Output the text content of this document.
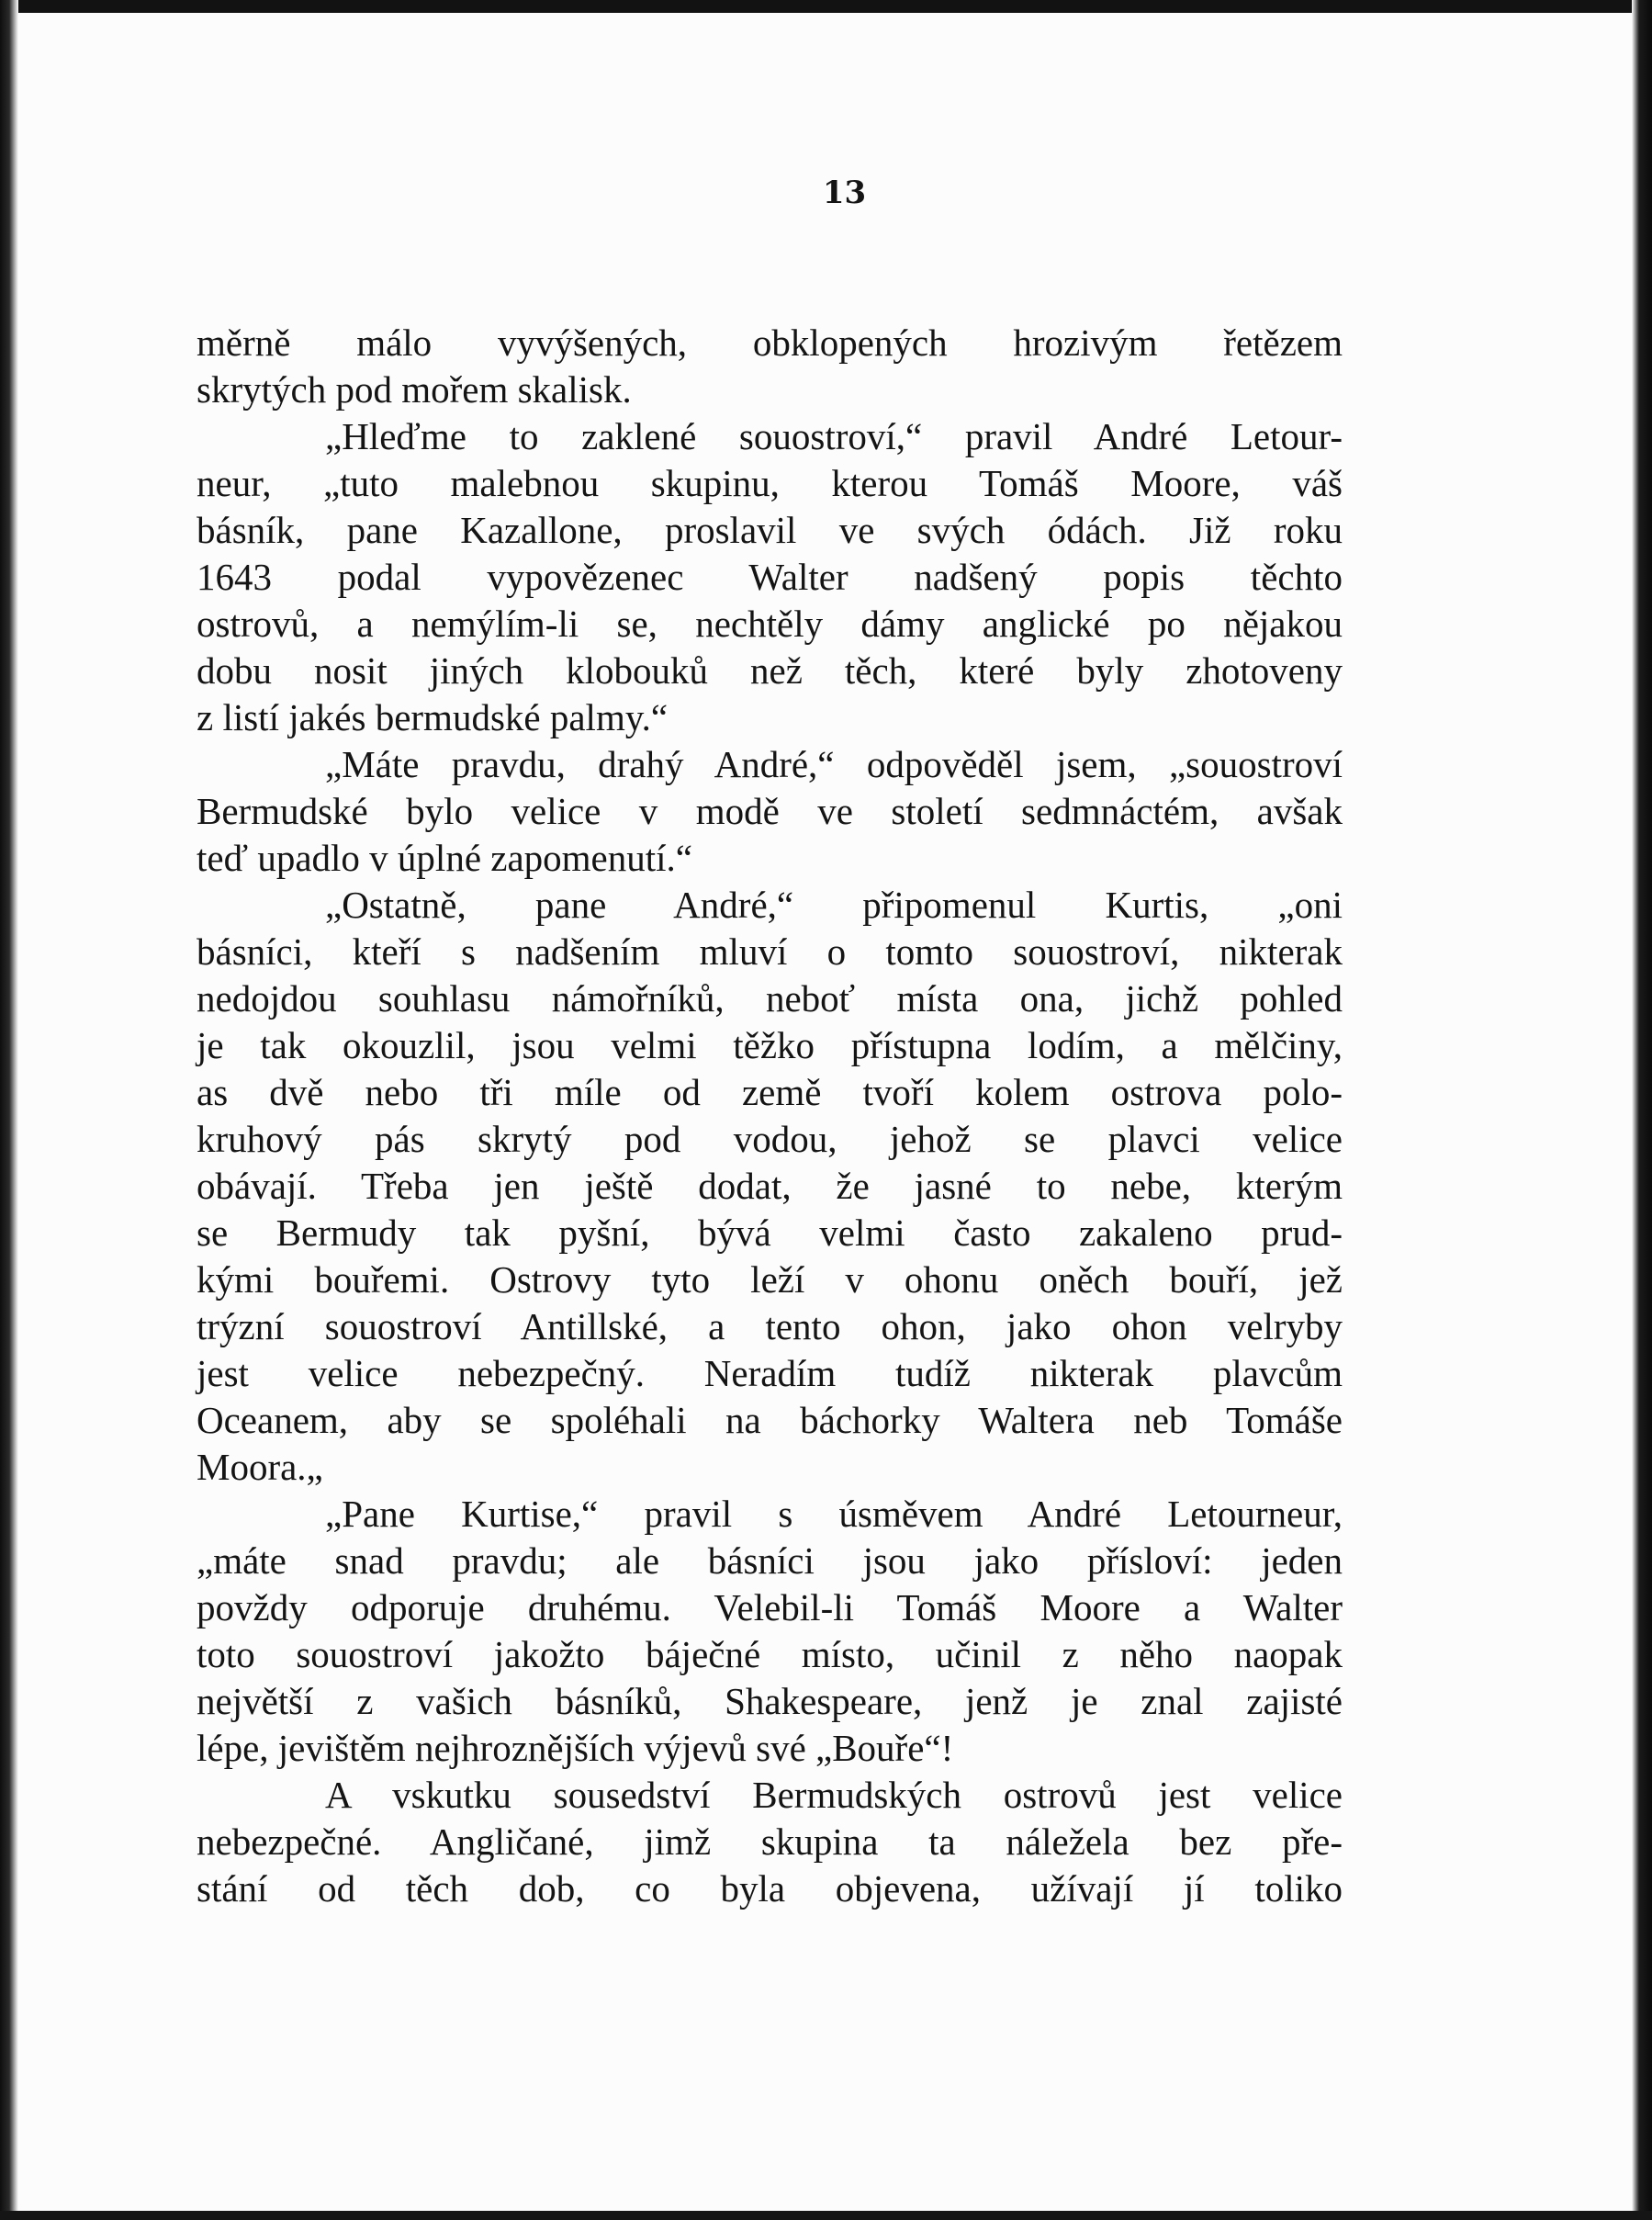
13
měrně málo vyvýšených, obklopených hrozivým řetězem
skrytých pod mořem skalisk.
„Hleďme to zaklené souostroví,“ pravil André Letour-
neur, „tuto malebnou skupinu, kterou Tomáš Moore, váš
básník, pane Kazallone, proslavil ve svých ódách. Již roku
1643 podal vypovězenec Walter nadšený popis těchto
ostrovů, a nemýlím-li se, nechtěly dámy anglické po nějakou
dobu nosit jiných klobouků než těch, které byly zhotoveny
z listí jakés bermudské palmy.“
„Máte pravdu, drahý André,“ odpověděl jsem, „souostroví
Bermudské bylo velice v modě ve století sedmnáctém, avšak
teď upadlo v úplné zapomenutí.“
„Ostatně, pane André,“ připomenul Kurtis, „oni
básníci, kteří s nadšením mluví o tomto souostroví, nikterak
nedojdou souhlasu námořníků, neboť místa ona, jichž pohled
je tak okouzlil, jsou velmi těžko přístupna lodím, a mělčiny,
as dvě nebo tři míle od země tvoří kolem ostrova polo-
kruhový pás skrytý pod vodou, jehož se plavci velice
obávají. Třeba jen ještě dodat, že jasné to nebe, kterým
se Bermudy tak pyšní, bývá velmi často zakaleno prud-
kými bouřemi. Ostrovy tyto leží v ohonu oněch bouří, jež
trýzní souostroví Antillské, a tento ohon, jako ohon velryby
jest velice nebezpečný. Neradím tudíž nikterak plavcům
Oceanem, aby se spoléhali na báchorky Waltera neb Tomáše
Moora.„
„Pane Kurtise,“ pravil s úsměvem André Letourneur,
„máte snad pravdu; ale básníci jsou jako přísloví: jeden
povždy odporuje druhému. Velebil-li Tomáš Moore a Walter
toto souostroví jakožto báječné místo, učinil z něho naopak
největší z vašich básníků, Shakespeare, jenž je znal zajisté
lépe, jevištěm nejhroznějších výjevů své „Bouře“!
A vskutku sousedství Bermudských ostrovů jest velice
nebezpečné. Angličané, jimž skupina ta náležela bez pře-
stání od těch dob, co byla objevena, užívají jí toliko
